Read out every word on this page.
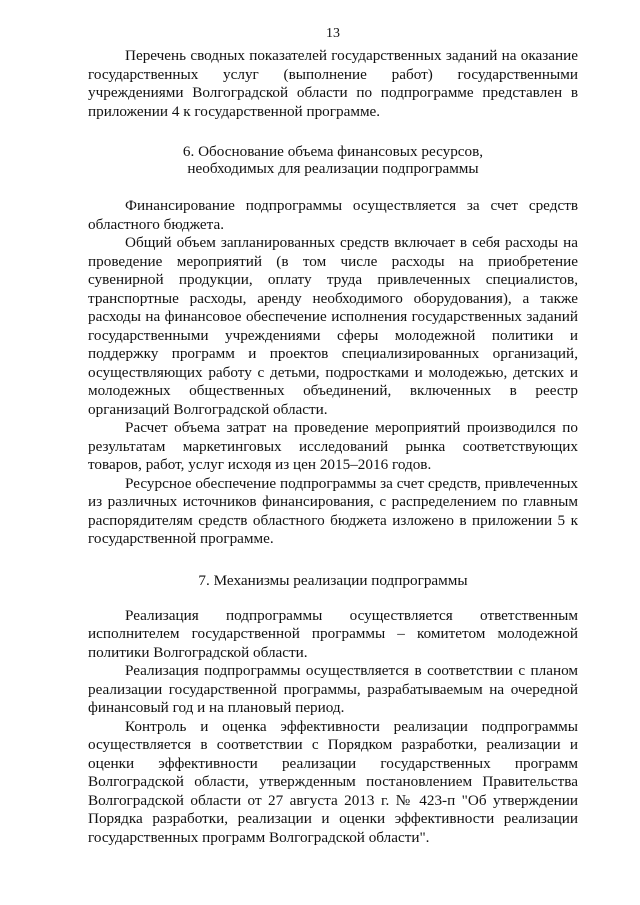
13

Перечень сводных показателей государственных заданий на оказание государственных услуг (выполнение работ) государственными учреждениями Волгоградской области по подпрограмме представлен в приложении 4 к государственной программе.

6. Обоснование объема финансовых ресурсов,
необходимых для реализации подпрограммы

Финансирование подпрограммы осуществляется за счет средств областного бюджета.

Общий объем запланированных средств включает в себя расходы на проведение мероприятий (в том числе расходы на приобретение сувенирной продукции, оплату труда привлеченных специалистов, транспортные расходы, аренду необходимого оборудования), а также расходы на финансовое обеспечение исполнения государственных заданий государственными учреждениями сферы молодежной политики и поддержку программ и проектов специализированных организаций, осуществляющих работу с детьми, подростками и молодежью, детских и молодежных общественных объединений, включенных в реестр организаций Волгоградской области.

Расчет объема затрат на проведение мероприятий производился по результатам маркетинговых исследований рынка соответствующих товаров, работ, услуг исходя из цен 2015–2016 годов.

Ресурсное обеспечение подпрограммы за счет средств, привлеченных из различных источников финансирования, с распределением по главным распорядителям средств областного бюджета изложено в приложении 5 к государственной программе.

7. Механизмы реализации подпрограммы

Реализация подпрограммы осуществляется ответственным исполнителем государственной программы – комитетом молодежной политики Волгоградской области.

Реализация подпрограммы осуществляется в соответствии с планом реализации государственной программы, разрабатываемым на очередной финансовый год и на плановый период.

Контроль и оценка эффективности реализации подпрограммы осуществляется в соответствии с Порядком разработки, реализации и оценки эффективности реализации государственных программ Волгоградской области, утвержденным постановлением Правительства Волгоградской области от 27 августа 2013 г. № 423-п "Об утверждении Порядка разработки, реализации и оценки эффективности реализации государственных программ Волгоградской области".
